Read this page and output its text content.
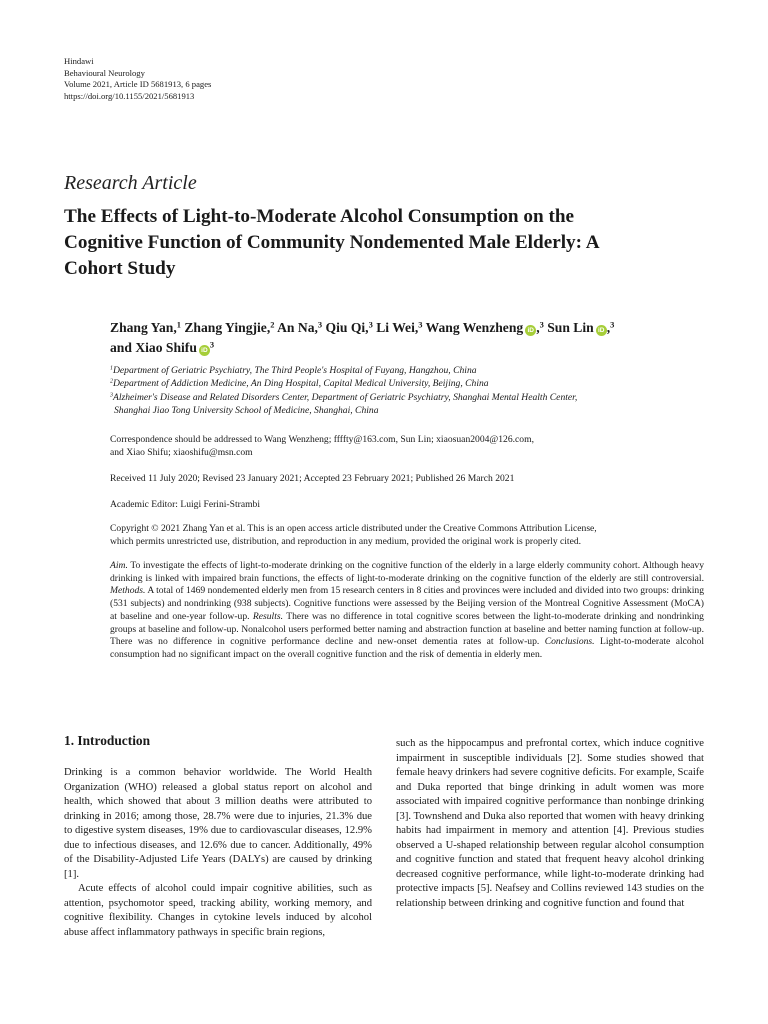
Hindawi
Behavioural Neurology
Volume 2021, Article ID 5681913, 6 pages
https://doi.org/10.1155/2021/5681913
Research Article
The Effects of Light-to-Moderate Alcohol Consumption on the
Cognitive Function of Community Nondemented Male Elderly: A
Cohort Study
Zhang Yan,$^1$ Zhang Yingjie,$^2$ An Na,$^3$ Qiu Qi,$^3$ Li Wei,$^3$ Wang Wenzheng iD ,$^3$ Sun Lin iD ,$^3$
and Xiao Shifu $iD^3$
$^1$Department of Geriatric Psychiatry, The Third People's Hospital of Fuyang, Hangzhou, China
$^2$Department of Addiction Medicine, An Ding Hospital, Capital Medical University, Beijing, China
$^3$Alzheimer's Disease and Related Disorders Center, Department of Geriatric Psychiatry, Shanghai Mental Health Center,
Shanghai Jiao Tong University School of Medicine, Shanghai, China
Correspondence should be addressed to Wang Wenzheng; ffffty@163.com, Sun Lin; xiaosuan2004@126.com,
and Xiao Shifu; xiaoshifu@msn.com
Received 11 July 2020; Revised 23 January 2021; Accepted 23 February 2021; Published 26 March 2021
Academic Editor: Luigi Ferini-Strambi
Copyright © 2021 Zhang Yan et al. This is an open access article distributed under the Creative Commons Attribution License,
which permits unrestricted use, distribution, and reproduction in any medium, provided the original work is properly cited.

Aim. To investigate the effects of light-to-moderate drinking on the cognitive function of the elderly in a large elderly community cohort. Although heavy drinking is linked with impaired brain functions, the effects of light-to-moderate drinking on the cognitive function of the elderly are still controversial. Methods. A total of 1469 nondemented elderly men from 15 research centers in 8 cities and provinces were included and divided into two groups: drinking (531 subjects) and nondrinking (938 subjects). Cognitive functions were assessed by the Beijing version of the Montreal Cognitive Assessment (MoCA) at baseline and one-year follow-up. Results. There was no difference in total cognitive scores between the light-to-moderate drinking and nondrinking groups at baseline and follow-up. Nonalcohol users performed better naming and abstraction function at baseline and better naming function at follow-up. There was no difference in cognitive performance decline and new-onset dementia rates at follow-up. Conclusions. Light-to-moderate alcohol consumption had no significant impact on the overall cognitive function and the risk of dementia in elderly men.

1. Introduction

Drinking is a common behavior worldwide. The World Health Organization (WHO) released a global status report on alcohol and health, which showed that about 3 million deaths were attributed to drinking in 2016; among those, 28.7% were due to injuries, 21.3% due to digestive system diseases, 19% due to cardiovascular diseases, 12.9% due to infectious diseases, and 12.6% due to cancer. Additionally, 49% of the Disability-Adjusted Life Years (DALYs) are caused by drinking [1].

Acute effects of alcohol could impair cognitive abilities, such as attention, psychomotor speed, tracking ability, working memory, and cognitive flexibility. Changes in cytokine levels induced by alcohol abuse affect inflammatory pathways in specific brain regions,

such as the hippocampus and prefrontal cortex, which induce cognitive impairment in susceptible individuals [2]. Some studies showed that female heavy drinkers had severe cognitive deficits. For example, Scaife and Duka reported that binge drinking in adult women was more associated with impaired cognitive performance than nonbinge drinking [3]. Townshend and Duka also reported that women with heavy drinking habits had impairment in memory and attention [4]. Previous studies observed a U-shaped relationship between regular alcohol consumption and cognitive function and stated that frequent heavy alcohol drinking decreased cognitive performance, while light-to-moderate drinking had protective impacts [5]. Neafsey and Collins reviewed 143 studies on the relationship between drinking and cognitive function and found that
